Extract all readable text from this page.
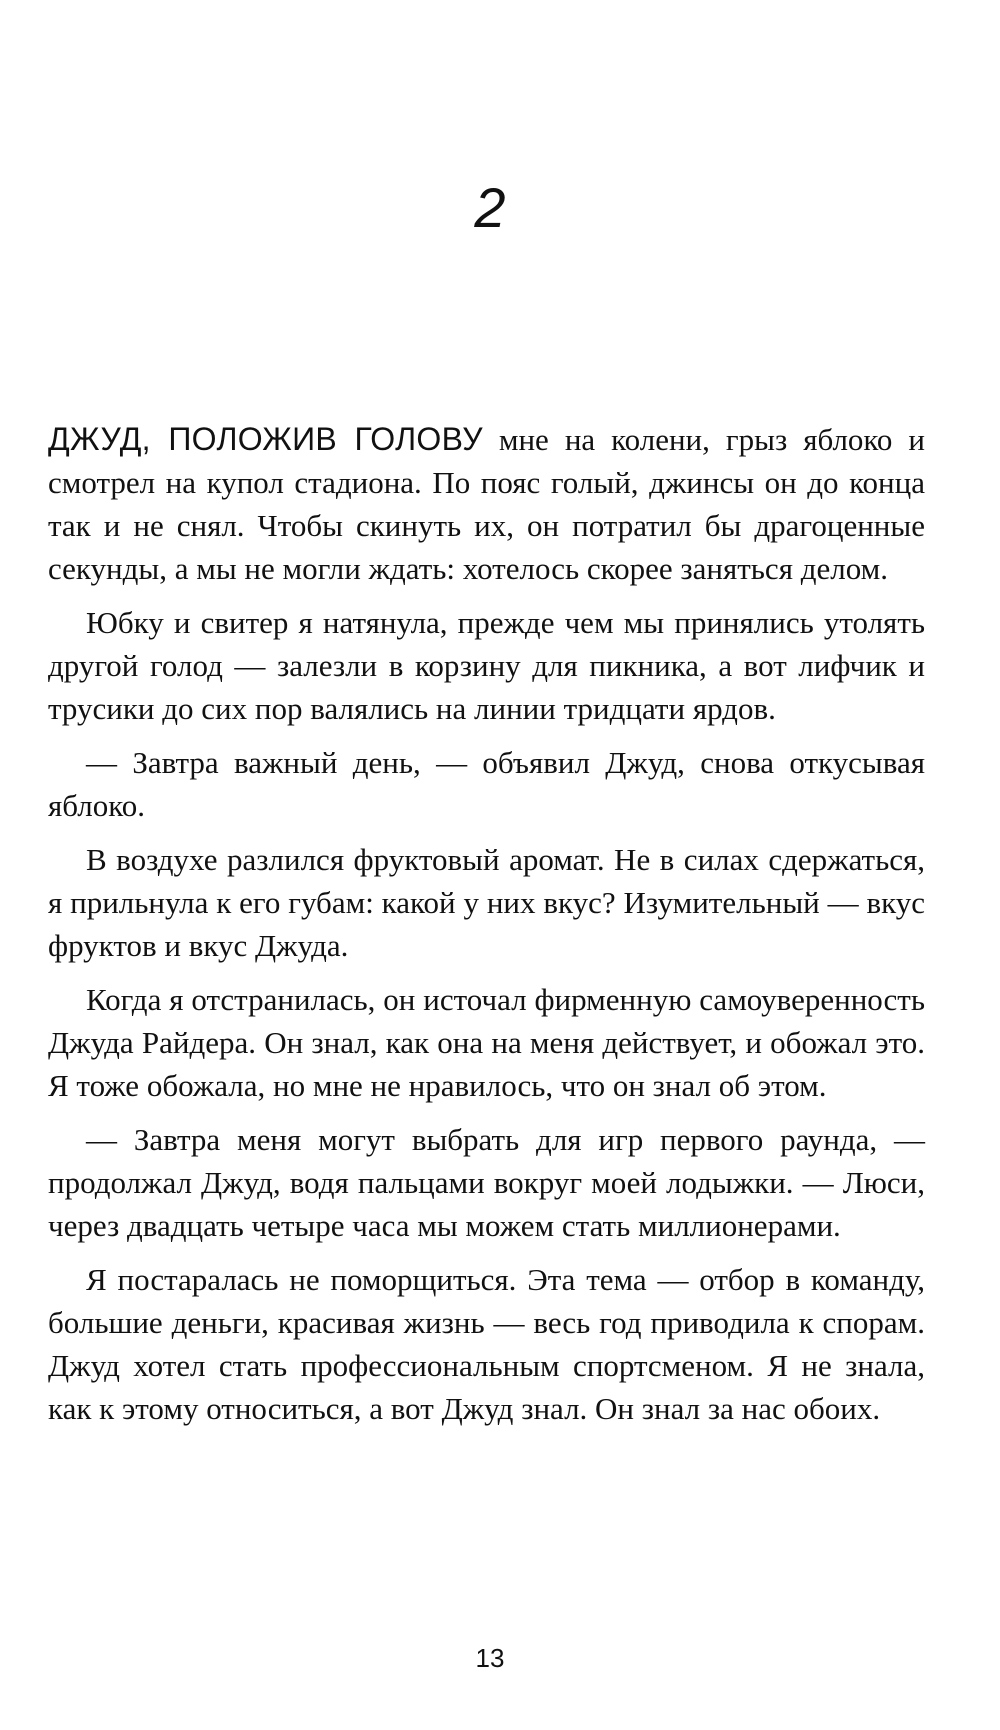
2

ДЖУД, ПОЛОЖИВ ГОЛОВУ мне на колени, грыз яблоко и смотрел на купол стадиона. По пояс голый, джинсы он до конца так и не снял. Чтобы скинуть их, он потратил бы драгоценные секунды, а мы не могли ждать: хотелось скорее заняться делом.

Юбку и свитер я натянула, прежде чем мы принялись утолять другой голод — залезли в корзину для пикника, а вот лифчик и трусики до сих пор валялись на линии тридцати ярдов.

— Завтра важный день, — объявил Джуд, снова откусывая яблоко.

В воздухе разлился фруктовый аромат. Не в силах сдержаться, я прильнула к его губам: какой у них вкус? Изумительный — вкус фруктов и вкус Джуда.

Когда я отстранилась, он источал фирменную самоуверенность Джуда Райдера. Он знал, как она на меня действует, и обожал это. Я тоже обожала, но мне не нравилось, что он знал об этом.

— Завтра меня могут выбрать для игр первого раунда, — продолжал Джуд, водя пальцами вокруг моей лодыжки. — Люси, через двадцать четыре часа мы можем стать миллионерами.

Я постаралась не поморщиться. Эта тема — отбор в команду, большие деньги, красивая жизнь — весь год приводила к спорам. Джуд хотел стать профессиональным спортсменом. Я не знала, как к этому относиться, а вот Джуд знал. Он знал за нас обоих.

13
